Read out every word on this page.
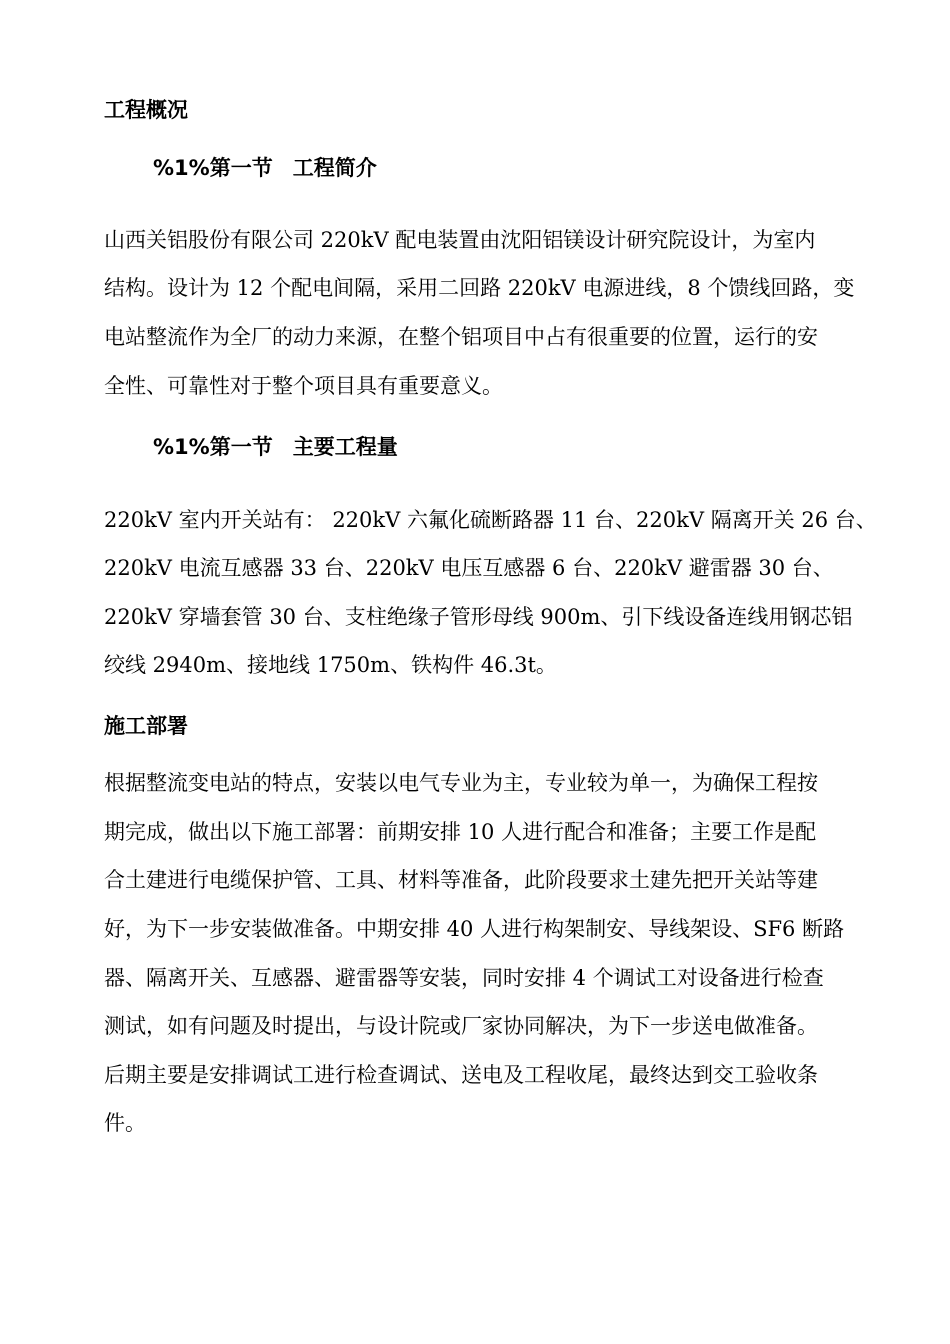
工程概况
%1%第一节 工程简介

山西关铝股份有限公司 220kV 配电装置由沈阳铝镁设计研究院设计，为室内

结构。设计为 12 个配电间隔，采用二回路 220kV 电源进线，8 个馈线回路，变

电站整流作为全厂的动力来源，在整个铝项目中占有很重要的位置，运行的安

全性、可靠性对于整个项目具有重要意义。

%1%第一节 主要工程量

220kV 室内开关站有： 220kV 六氟化硫断路器 11 台、220kV 隔离开关 26 台、

220kV 电流互感器 33 台、220kV 电压互感器 6 台、220kV 避雷器 30 台、

220kV 穿墙套管 30 台、支柱绝缘子管形母线 900m、引下线设备连线用钢芯铝

绞线 2940m、接地线 1750m、铁构件 46.3t。

施工部署

根据整流变电站的特点，安装以电气专业为主，专业较为单一，为确保工程按

期完成，做出以下施工部署：前期安排 10 人进行配合和准备；主要工作是配

合土建进行电缆保护管、工具、材料等准备，此阶段要求土建先把开关站等建

好，为下一步安装做准备。中期安排 40 人进行构架制安、导线架设、SF6 断路

器、隔离开关、互感器、避雷器等安装，同时安排 4 个调试工对设备进行检查

测试，如有问题及时提出，与设计院或厂家协同解决，为下一步送电做准备。

后期主要是安排调试工进行检查调试、送电及工程收尾，最终达到交工验收条

件。
